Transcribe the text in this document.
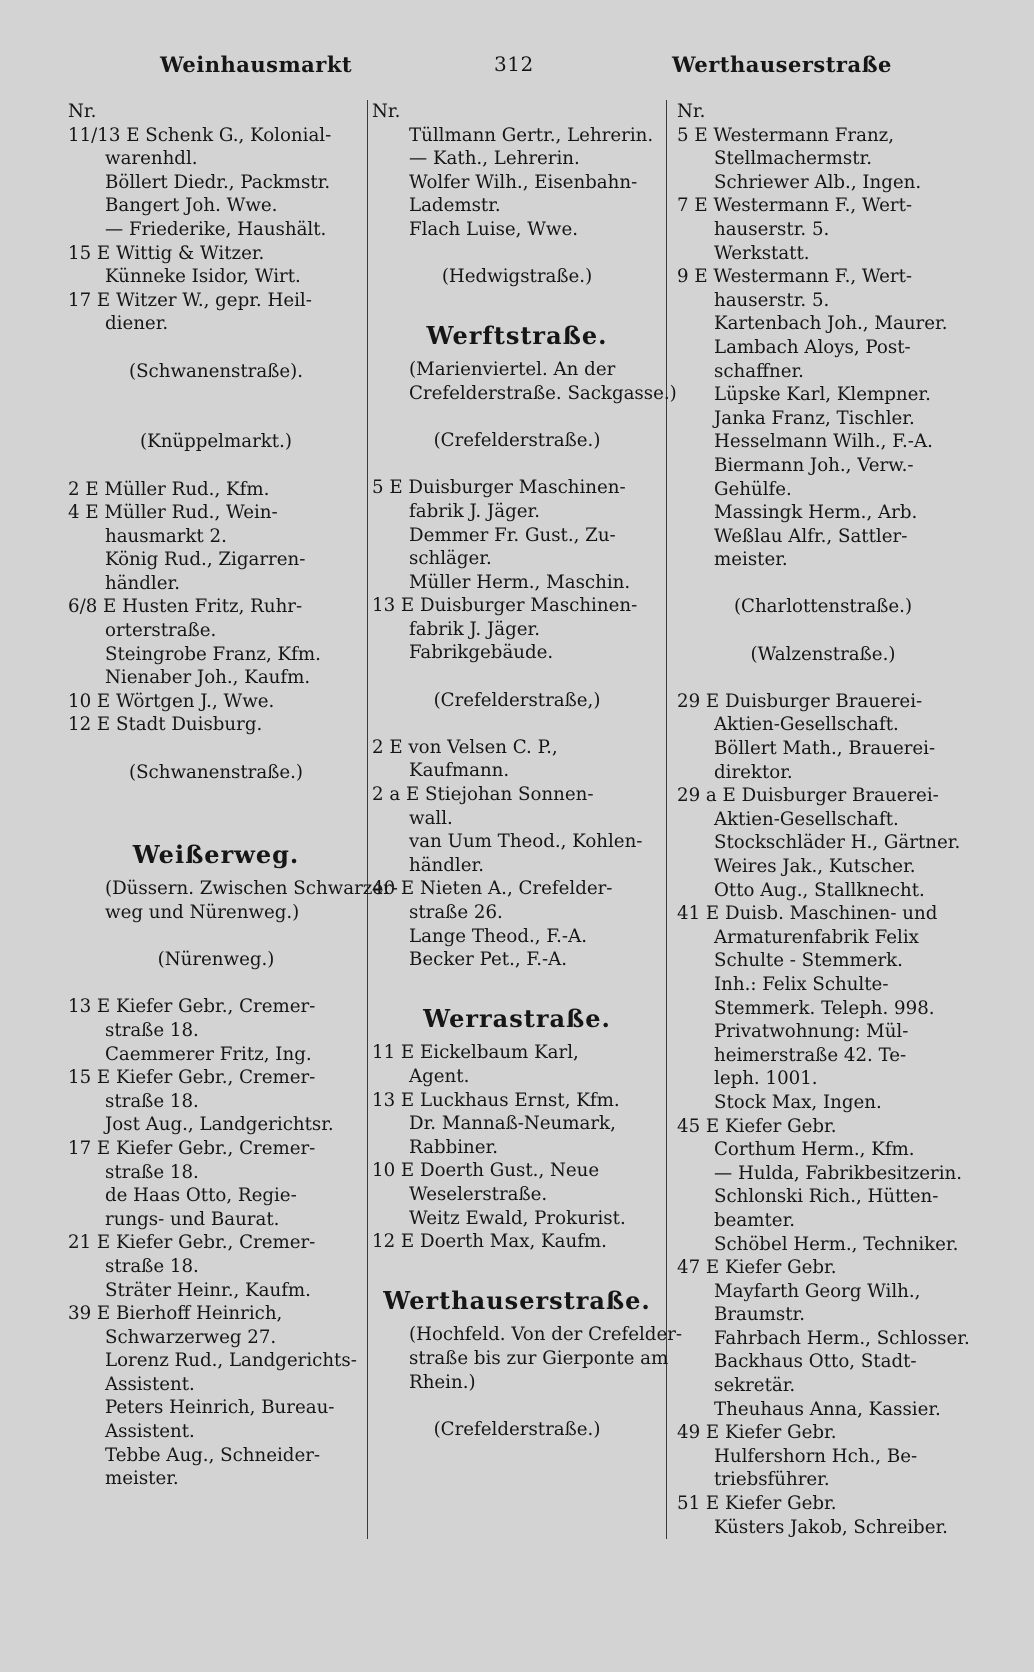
Weinhausmarkt	312	Werthauserstraße
Nr.
11/13 E Schenk G., Kolonial-
warenhdl.
Böllert Diedr., Packmstr.
Bangert Joh. Wwe.
— Friederike, Haushält.
15 E Wittig & Witzer.
Künneke Isidor, Wirt.
17 E Witzer W., gepr. Heil-
diener.
(Schwanenstraße).
(Knüppelmarkt.)
2 E Müller Rud., Kfm.
4 E Müller Rud., Wein-
hausmarkt 2.
König Rud., Zigarren-
händler.
6/8 E Husten Fritz, Ruhr-
orterstraße.
Steingrobe Franz, Kfm.
Nienaber Joh., Kaufm.
10 E Wörtgen J., Wwe.
12 E Stadt Duisburg.
(Schwanenstraße.)
Weißerweg.
(Düssern. Zwischen Schwarzer-
weg und Nürenweg.)
(Nürenweg.)
13 E Kiefer Gebr., Cremer-
straße 18.
Caemmerer Fritz, Ing.
15 E Kiefer Gebr., Cremer-
straße 18.
Jost Aug., Landgerichtsr.
17 E Kiefer Gebr., Cremer-
straße 18.
de Haas Otto, Regie-
rungs- und Baurat.
21 E Kiefer Gebr., Cremer-
straße 18.
Sträter Heinr., Kaufm.
39 E Bierhoff Heinrich,
Schwarzerweg 27.
Lorenz Rud., Landgerichts-
Assistent.
Peters Heinrich, Bureau-
Assistent.
Tebbe Aug., Schneider-
meister.
Nr.
Tüllmann Gertr., Lehrerin.
— Kath., Lehrerin.
Wolfer Wilh., Eisenbahn-
Lademstr.
Flach Luise, Wwe.
(Hedwigstraße.)
Werftstraße.
(Marienviertel. An der
Crefelderstraße. Sackgasse.)
(Crefelderstraße.)
5 E Duisburger Maschinen-
fabrik J. Jäger.
Demmer Fr. Gust., Zu-
schläger.
Müller Herm., Maschin.
13 E Duisburger Maschinen-
fabrik J. Jäger.
Fabrikgebäude.
(Crefelderstraße,)
2 E von Velsen C. P.,
Kaufmann.
2 a E Stiejohan Sonnen-
wall.
van Uum Theod., Kohlen-
händler.
40 E Nieten A., Crefelder-
straße 26.
Lange Theod., F.-A.
Becker Pet., F.-A.
Werrastraße.
11 E Eickelbaum Karl,
Agent.
13 E Luckhaus Ernst, Kfm.
Dr. Mannaß-Neumark,
Rabbiner.
10 E Doerth Gust., Neue
Weselerstraße.
Weitz Ewald, Prokurist.
12 E Doerth Max, Kaufm.
Werthauserstraße.
(Hochfeld. Von der Crefelder-
straße bis zur Gierponte am
Rhein.)
(Crefelderstraße.)
Nr.
5 E Westermann Franz,
Stellmachermstr.
Schriewer Alb., Ingen.
7 E Westermann F., Wert-
hauserstr. 5.
Werkstatt.
9 E Westermann F., Wert-
hauserstr. 5.
Kartenbach Joh., Maurer.
Lambach Aloys, Post-
schaffner.
Lüpske Karl, Klempner.
Janka Franz, Tischler.
Hesselmann Wilh., F.-A.
Biermann Joh., Verw.-
Gehülfe.
Massingk Herm., Arb.
Weßlau Alfr., Sattler-
meister.
(Charlottenstraße.)
(Walzenstraße.)
29 E Duisburger Brauerei-
Aktien-Gesellschaft.
Böllert Math., Brauerei-
direktor.
29 a E Duisburger Brauerei-
Aktien-Gesellschaft.
Stockschläder H., Gärtner.
Weires Jak., Kutscher.
Otto Aug., Stallknecht.
41 E Duisb. Maschinen- und
Armaturenfabrik Felix
Schulte - Stemmerk.
Inh.: Felix Schulte-
Stemmerk. Teleph. 998.
Privatwohnung: Mül-
heimerstraße 42. Te-
leph. 1001.
Stock Max, Ingen.
45 E Kiefer Gebr.
Corthum Herm., Kfm.
— Hulda, Fabrikbesitzerin.
Schlonski Rich., Hütten-
beamter.
Schöbel Herm., Techniker.
47 E Kiefer Gebr.
Mayfarth Georg Wilh.,
Braumstr.
Fahrbach Herm., Schlosser.
Backhaus Otto, Stadt-
sekretär.
Theuhaus Anna, Kassier.
49 E Kiefer Gebr.
Hulfershorn Hch., Be-
triebsführer.
51 E Kiefer Gebr.
Küsters Jakob, Schreiber.
